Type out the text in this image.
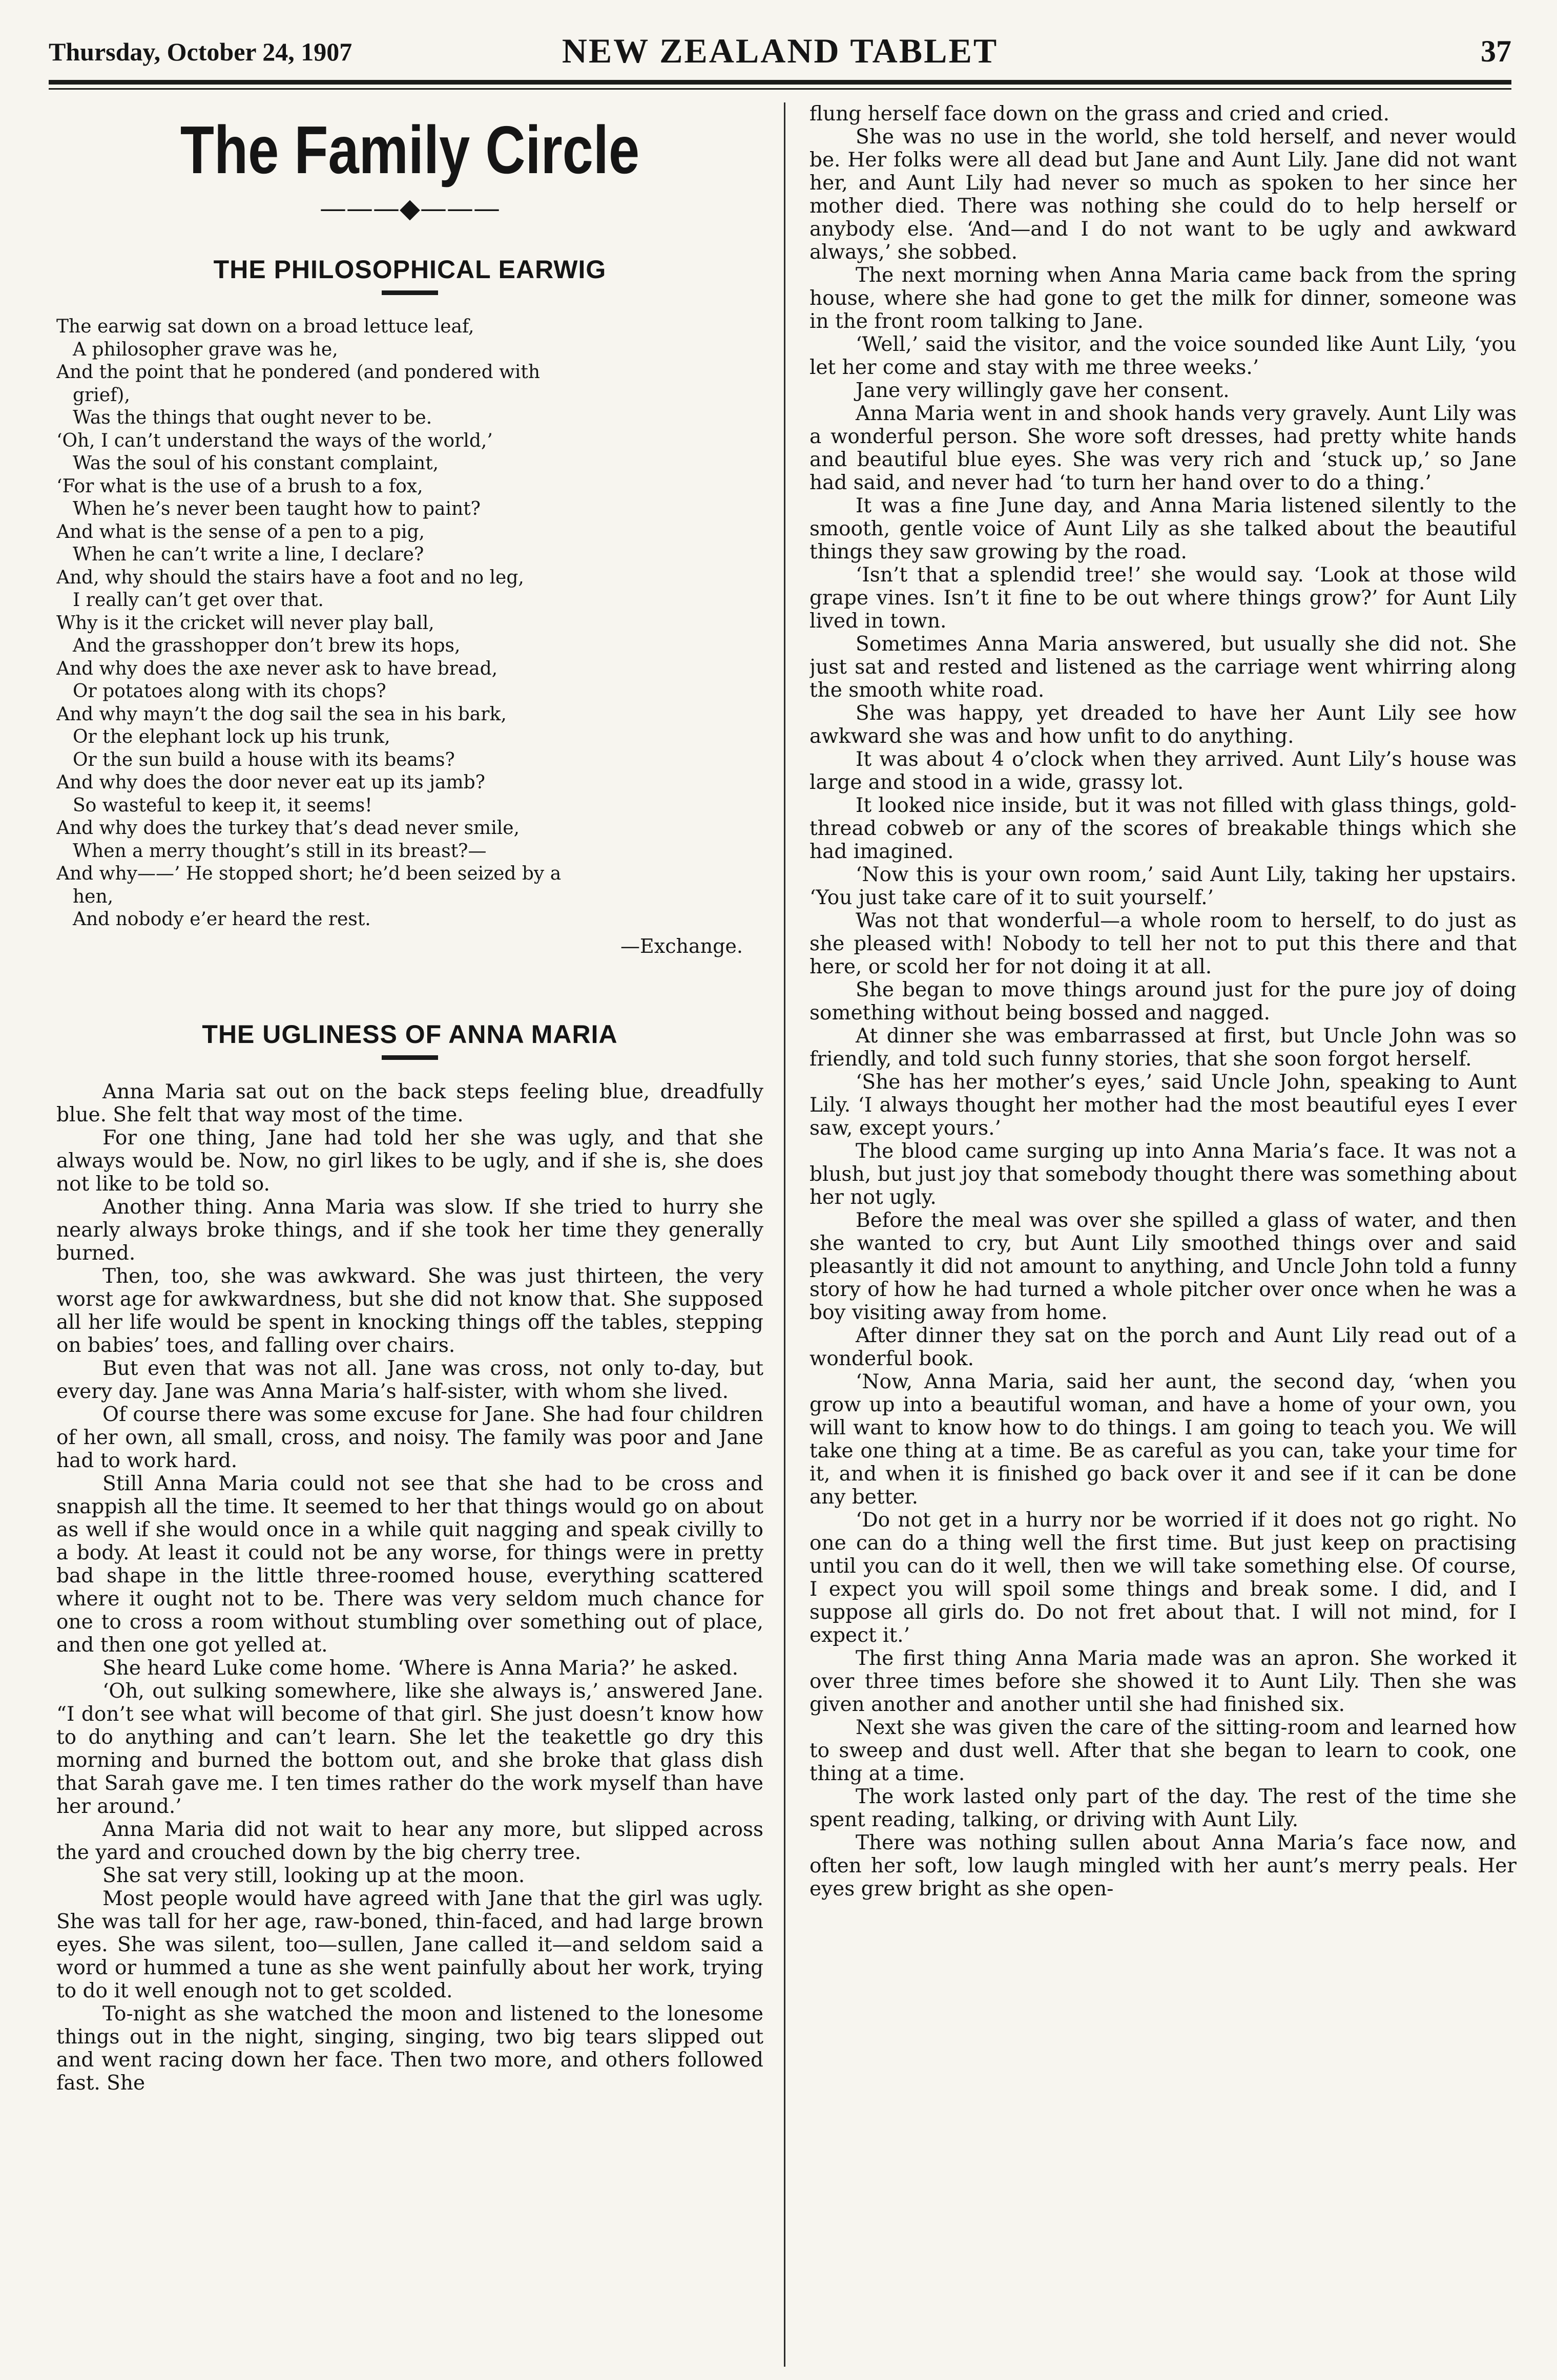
Thursday, October 24, 1907	NEW ZEALAND TABLET	37
The Family Circle
———◆———
THE PHILOSOPHICAL EARWIG
The earwig sat down on a broad lettuce leaf,
A philosopher grave was he,
And the point that he pondered (and pondered with
grief),
Was the things that ought never to be.
‘Oh, I can’t understand the ways of the world,’
Was the soul of his constant complaint,
‘For what is the use of a brush to a fox,
When he’s never been taught how to paint?
And what is the sense of a pen to a pig,
When he can’t write a line, I declare?
And, why should the stairs have a foot and no leg,
I really can’t get over that.
Why is it the cricket will never play ball,
And the grasshopper don’t brew its hops,
And why does the axe never ask to have bread,
Or potatoes along with its chops?
And why mayn’t the dog sail the sea in his bark,
Or the elephant lock up his trunk,
Or the sun build a house with its beams?
And why does the door never eat up its jamb?
So wasteful to keep it, it seems!
And why does the turkey that’s dead never smile,
When a merry thought’s still in its breast?—
And why——’ He stopped short; he’d been seized by a
hen,
And nobody e’er heard the rest.
—Exchange.
THE UGLINESS OF ANNA MARIA

Anna Maria sat out on the back steps feeling blue, dreadfully blue. She felt that way most of the time.

For one thing, Jane had told her she was ugly, and that she always would be. Now, no girl likes to be ugly, and if she is, she does not like to be told so.

Another thing. Anna Maria was slow. If she tried to hurry she nearly always broke things, and if she took her time they generally burned.

Then, too, she was awkward. She was just thirteen, the very worst age for awkwardness, but she did not know that. She supposed all her life would be spent in knocking things off the tables, stepping on babies’ toes, and falling over chairs.

But even that was not all. Jane was cross, not only to-day, but every day. Jane was Anna Maria’s half-sister, with whom she lived.

Of course there was some excuse for Jane. She had four children of her own, all small, cross, and noisy. The family was poor and Jane had to work hard.

Still Anna Maria could not see that she had to be cross and snappish all the time. It seemed to her that things would go on about as well if she would once in a while quit nagging and speak civilly to a body. At least it could not be any worse, for things were in pretty bad shape in the little three-roomed house, everything scattered where it ought not to be. There was very seldom much chance for one to cross a room without stumbling over something out of place, and then one got yelled at.

She heard Luke come home. ‘Where is Anna Maria?’ he asked.

‘Oh, out sulking somewhere, like she always is,’ answered Jane. “I don’t see what will become of that girl. She just doesn’t know how to do anything and can’t learn. She let the teakettle go dry this morning and burned the bottom out, and she broke that glass dish that Sarah gave me. I ten times rather do the work myself than have her around.’

Anna Maria did not wait to hear any more, but slipped across the yard and crouched down by the big cherry tree.

She sat very still, looking up at the moon.

Most people would have agreed with Jane that the girl was ugly. She was tall for her age, raw-boned, thin-faced, and had large brown eyes. She was silent, too—sullen, Jane called it—and seldom said a word or hummed a tune as she went painfully about her work, trying to do it well enough not to get scolded.

To-night as she watched the moon and listened to the lonesome things out in the night, singing, singing, two big tears slipped out and went racing down her face. Then two more, and others followed fast. She

flung herself face down on the grass and cried and cried.

She was no use in the world, she told herself, and never would be. Her folks were all dead but Jane and Aunt Lily. Jane did not want her, and Aunt Lily had never so much as spoken to her since her mother died. There was nothing she could do to help herself or anybody else. ‘And—and I do not want to be ugly and awkward always,’ she sobbed.

The next morning when Anna Maria came back from the spring house, where she had gone to get the milk for dinner, someone was in the front room talking to Jane.

‘Well,’ said the visitor, and the voice sounded like Aunt Lily, ‘you let her come and stay with me three weeks.’

Jane very willingly gave her consent.

Anna Maria went in and shook hands very gravely. Aunt Lily was a wonderful person. She wore soft dresses, had pretty white hands and beautiful blue eyes. She was very rich and ‘stuck up,’ so Jane had said, and never had ‘to turn her hand over to do a thing.’

It was a fine June day, and Anna Maria listened silently to the smooth, gentle voice of Aunt Lily as she talked about the beautiful things they saw growing by the road.

‘Isn’t that a splendid tree!’ she would say. ‘Look at those wild grape vines. Isn’t it fine to be out where things grow?’ for Aunt Lily lived in town.

Sometimes Anna Maria answered, but usually she did not. She just sat and rested and listened as the carriage went whirring along the smooth white road.

She was happy, yet dreaded to have her Aunt Lily see how awkward she was and how unfit to do anything.

It was about 4 o’clock when they arrived. Aunt Lily’s house was large and stood in a wide, grassy lot.

It looked nice inside, but it was not filled with glass things, gold-thread cobweb or any of the scores of breakable things which she had imagined.

‘Now this is your own room,’ said Aunt Lily, taking her upstairs. ‘You just take care of it to suit yourself.’

Was not that wonderful—a whole room to herself, to do just as she pleased with! Nobody to tell her not to put this there and that here, or scold her for not doing it at all.

She began to move things around just for the pure joy of doing something without being bossed and nagged.

At dinner she was embarrassed at first, but Uncle John was so friendly, and told such funny stories, that she soon forgot herself.

‘She has her mother’s eyes,’ said Uncle John, speaking to Aunt Lily. ‘I always thought her mother had the most beautiful eyes I ever saw, except yours.’

The blood came surging up into Anna Maria’s face. It was not a blush, but just joy that somebody thought there was something about her not ugly.

Before the meal was over she spilled a glass of water, and then she wanted to cry, but Aunt Lily smoothed things over and said pleasantly it did not amount to anything, and Uncle John told a funny story of how he had turned a whole pitcher over once when he was a boy visiting away from home.

After dinner they sat on the porch and Aunt Lily read out of a wonderful book.

‘Now, Anna Maria, said her aunt, the second day, ‘when you grow up into a beautiful woman, and have a home of your own, you will want to know how to do things. I am going to teach you. We will take one thing at a time. Be as careful as you can, take your time for it, and when it is finished go back over it and see if it can be done any better.

‘Do not get in a hurry nor be worried if it does not go right. No one can do a thing well the first time. But just keep on practising until you can do it well, then we will take something else. Of course, I expect you will spoil some things and break some. I did, and I suppose all girls do. Do not fret about that. I will not mind, for I expect it.’

The first thing Anna Maria made was an apron. She worked it over three times before she showed it to Aunt Lily. Then she was given another and another until she had finished six.

Next she was given the care of the sitting-room and learned how to sweep and dust well. After that she began to learn to cook, one thing at a time.

The work lasted only part of the day. The rest of the time she spent reading, talking, or driving with Aunt Lily.

There was nothing sullen about Anna Maria’s face now, and often her soft, low laugh mingled with her aunt’s merry peals. Her eyes grew bright as she open-
